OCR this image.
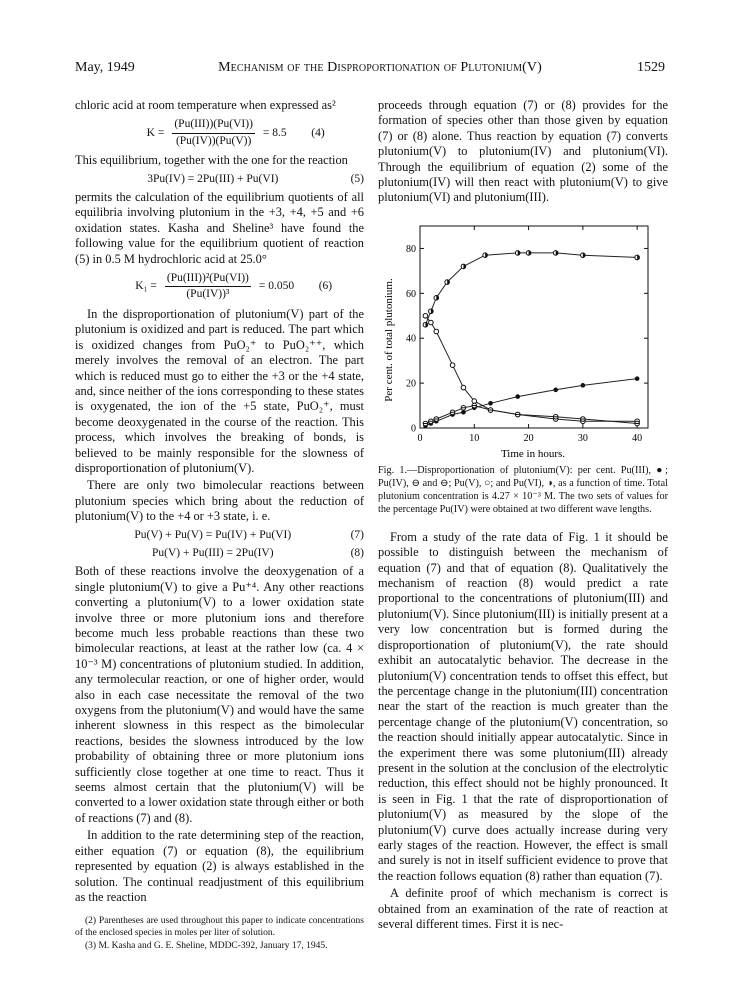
May, 1949	Mechanism of the Disproportionation of Plutonium(V)	1529

chloric acid at room temperature when expressed as²

$K = \frac{\text{(Pu(III))(Pu(VI))}}{(Pu(IV))(Pu(V))} = 8.5$	(4)

This equilibrium, together with the one for the reaction

3Pu(IV) = 2Pu(III) + Pu(VI)	(5)

permits the calculation of the equilibrium quotients of all equilibria involving plutonium in the +3, +4, +5 and +6 oxidation states. Kasha and Sheline³ have found the following value for the equilibrium quotient of reaction (5) in 0.5 M hydrochloric acid at 25.0°

$K_1 = \frac{\text{(Pu(III))²(Pu(VI))}}{\text{(Pu(IV))³}} = 0.050$	(6)

In the disproportionation of plutonium(V) part of the plutonium is oxidized and part is reduced. The part which is oxidized changes from PuO₂⁺ to PuO₂⁺⁺, which merely involves the removal of an electron. The part which is reduced must go to either the +3 or the +4 state, and, since neither of the ions corresponding to these states is oxygenated, the ion of the +5 state, PuO₂⁺, must become deoxygenated in the course of the reaction. This process, which involves the breaking of bonds, is believed to be mainly responsible for the slowness of disproportionation of plutonium(V).

There are only two bimolecular reactions between plutonium species which bring about the reduction of plutonium(V) to the +4 or +3 state, i. e.

Pu(V) + Pu(V) = Pu(IV) + Pu(VI)	(7)
Pu(V) + Pu(III) = 2Pu(IV)	(8)

Both of these reactions involve the deoxygenation of a single plutonium(V) to give a Pu⁺⁴. Any other reactions converting a plutonium(V) to a lower oxidation state involve three or more plutonium ions and therefore become much less probable reactions than these two bimolecular reactions, at least at the rather low (ca. 4 × 10⁻³ M) concentrations of plutonium studied. In addition, any termolecular reaction, or one of higher order, would also in each case necessitate the removal of the two oxygens from the plutonium(V) and would have the same inherent slowness in this respect as the bimolecular reactions, besides the slowness introduced by the low probability of obtaining three or more plutonium ions sufficiently close together at one time to react. Thus it seems almost certain that the plutonium(V) will be converted to a lower oxidation state through either or both of reactions (7) and (8).

In addition to the rate determining step of the reaction, either equation (7) or equation (8), the equilibrium represented by equation (2) is always established in the solution. The continual readjustment of this equilibrium as the reaction

(2) Parentheses are used throughout this paper to indicate concentrations of the enclosed species in moles per liter of solution.

(3) M. Kasha and G. E. Sheline, MDDC-392, January 17, 1945.

proceeds through equation (7) or (8) provides for the formation of species other than those given by equation (7) or (8) alone. Thus reaction by equation (7) converts plutonium(V) to plutonium(IV) and plutonium(VI). Through the equilibrium of equation (2) some of the plutonium(IV) will then react with plutonium(V) to give plutonium(VI) and plutonium(III).

0	10	20	30	40
0
20
40
60
80
Per cent. of total plutonium.
Time in hours.

Fig. 1.—Disproportionation of plutonium(V): per cent. Pu(III), ●; Pu(IV), ⊖ and ⊖; Pu(V), ○; and Pu(VI), ◑, as a function of time. Total plutonium concentration is 4.27 × 10⁻³ M. The two sets of values for the percentage Pu(IV) were obtained at two different wave lengths.

From a study of the rate data of Fig. 1 it should be possible to distinguish between the mechanism of equation (7) and that of equation (8). Qualitatively the mechanism of reaction (8) would predict a rate proportional to the concentrations of plutonium(III) and plutonium(V). Since plutonium(III) is initially present at a very low concentration but is formed during the disproportionation of plutonium(V), the rate should exhibit an autocatalytic behavior. The decrease in the plutonium(V) concentration tends to offset this effect, but the percentage change in the plutonium(III) concentration near the start of the reaction is much greater than the percentage change of the plutonium(V) concentration, so the reaction should initially appear autocatalytic. Since in the experiment there was some plutonium(III) already present in the solution at the conclusion of the electrolytic reduction, this effect should not be highly pronounced. It is seen in Fig. 1 that the rate of disproportionation of plutonium(V) as measured by the slope of the plutonium(V) curve does actually increase during very early stages of the reaction. However, the effect is small and surely is not in itself sufficient evidence to prove that the reaction follows equation (8) rather than equation (7).

A definite proof of which mechanism is correct is obtained from an examination of the rate of reaction at several different times. First it is nec-
